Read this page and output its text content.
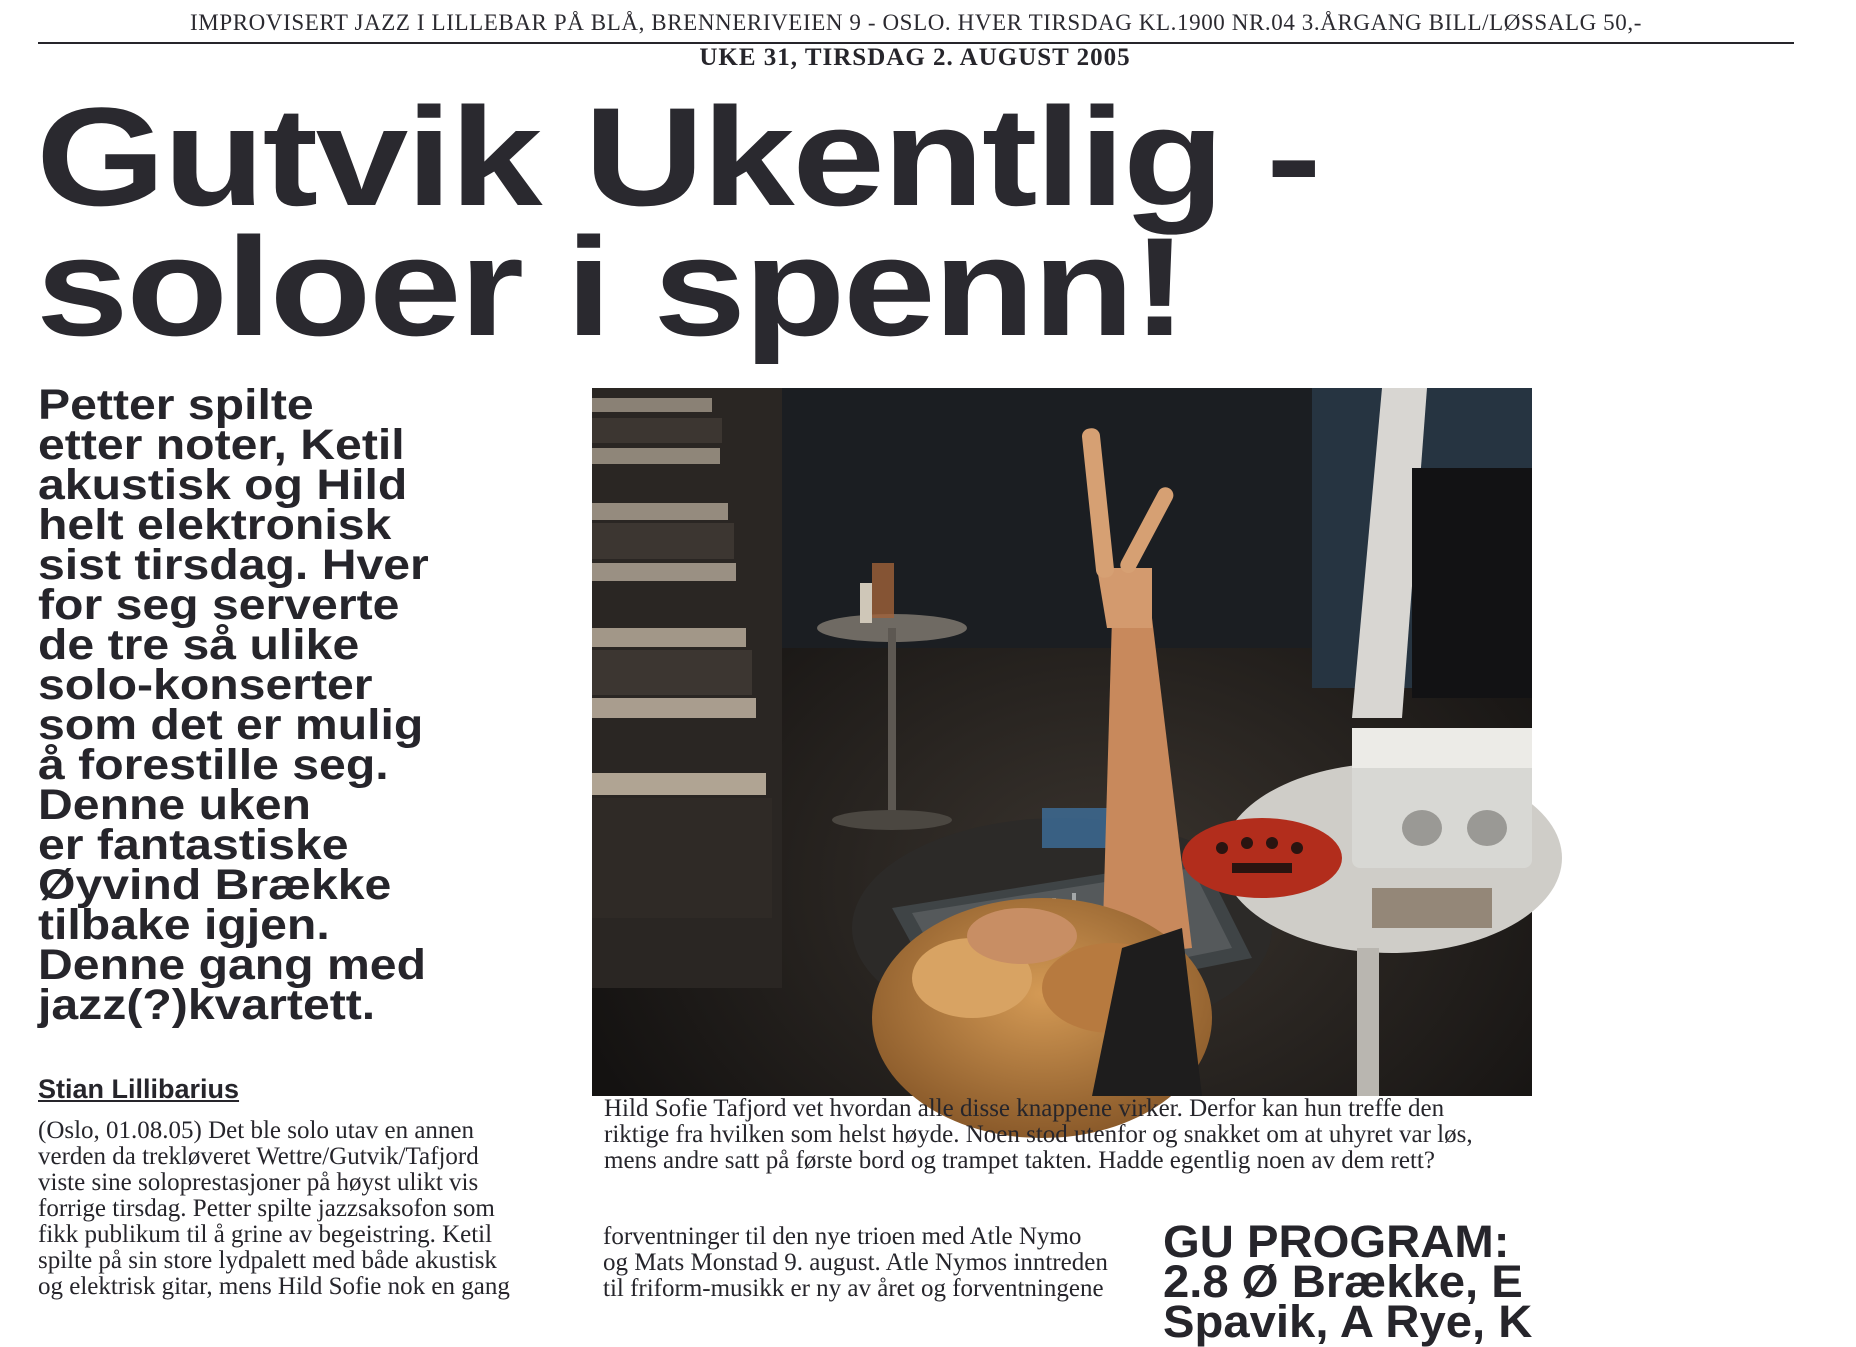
IMPROVISERT JAZZ I LILLEBAR PÅ BLÅ, BRENNERIVEIEN 9 - OSLO. HVER TIRSDAG KL.1900 NR.04 3.ÅRGANG BILL/LØSSALG 50,-
UKE 31, TIRSDAG 2. AUGUST 2005
Gutvik Ukentlig -
soloer i spenn!
Petter spilte
etter noter, Ketil
akustisk og Hild
helt elektronisk
sist tirsdag. Hver
for seg serverte
de tre så ulike
solo-konserter
som det er mulig
å forestille seg.
Denne uken
er fantastiske
Øyvind Brække
tilbake igjen.
Denne gang med
jazz(?)kvartett.
Stian Lillibarius
(Oslo, 01.08.05) Det ble solo utav en annen
verden da trekløveret Wettre/Gutvik/Tafjord
viste sine soloprestasjoner på høyst ulikt vis
forrige tirsdag. Petter spilte jazzsaksofon som
fikk publikum til å grine av begeistring. Ketil
spilte på sin store lydpalett med både akustisk
og elektrisk gitar, mens Hild Sofie nok en gang
Hild Sofie Tafjord vet hvordan alle disse knappene virker. Derfor kan hun treffe den
riktige fra hvilken som helst høyde. Noen stod utenfor og snakket om at uhyret var løs,
mens andre satt på første bord og trampet takten. Hadde egentlig noen av dem rett?
forventninger til den nye trioen med Atle Nymo
og Mats Monstad 9. august. Atle Nymos inntreden
til friform-musikk er ny av året og forventningene
GU PROGRAM:
2.8 Ø Brække, E
Spavik, A Rye, K
